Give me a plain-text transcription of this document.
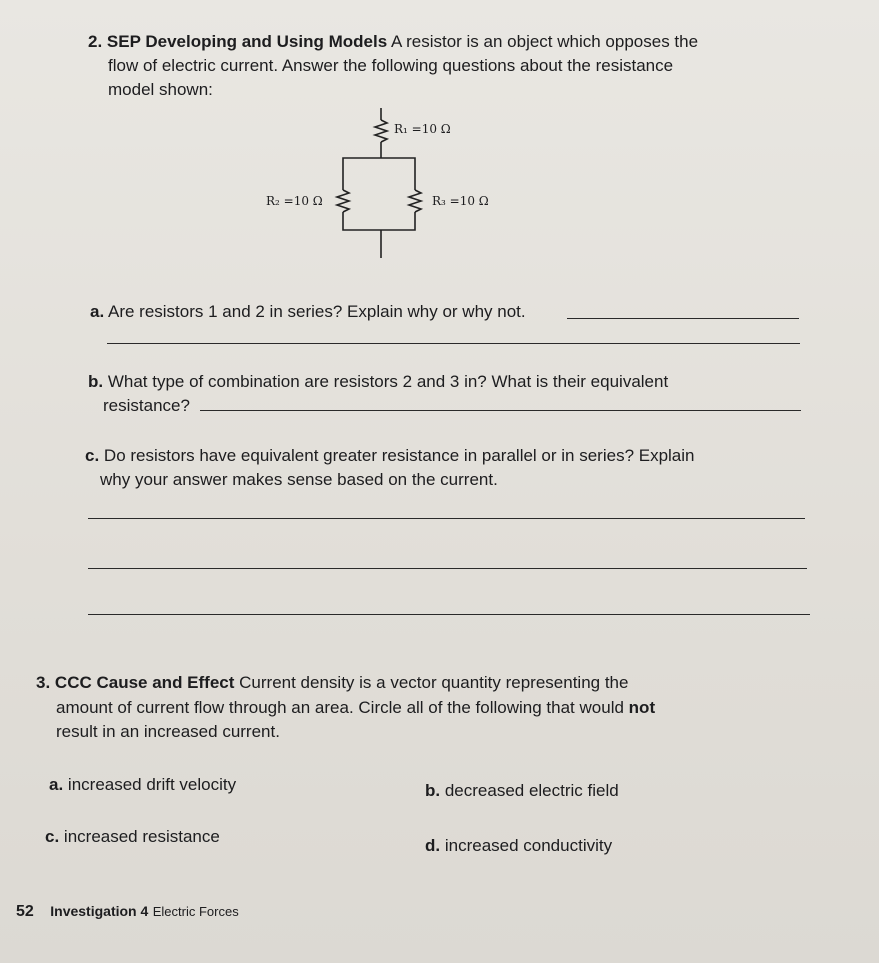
2. SEP Developing and Using Models A resistor is an object which opposes the
flow of electric current. Answer the following questions about the resistance
model shown:
R₁ =10 Ω
R₂ =10 Ω	R₃ =10 Ω
a. Are resistors 1 and 2 in series? Explain why or why not.
b. What type of combination are resistors 2 and 3 in? What is their equivalent
resistance?
c. Do resistors have equivalent greater resistance in parallel or in series? Explain
why your answer makes sense based on the current.
3. CCC Cause and Effect Current density is a vector quantity representing the
amount of current flow through an area. Circle all of the following that would not
result in an increased current.
a. increased drift velocity	b. decreased electric field
c. increased resistance	d. increased conductivity
52 Investigation 4 Electric Forces
